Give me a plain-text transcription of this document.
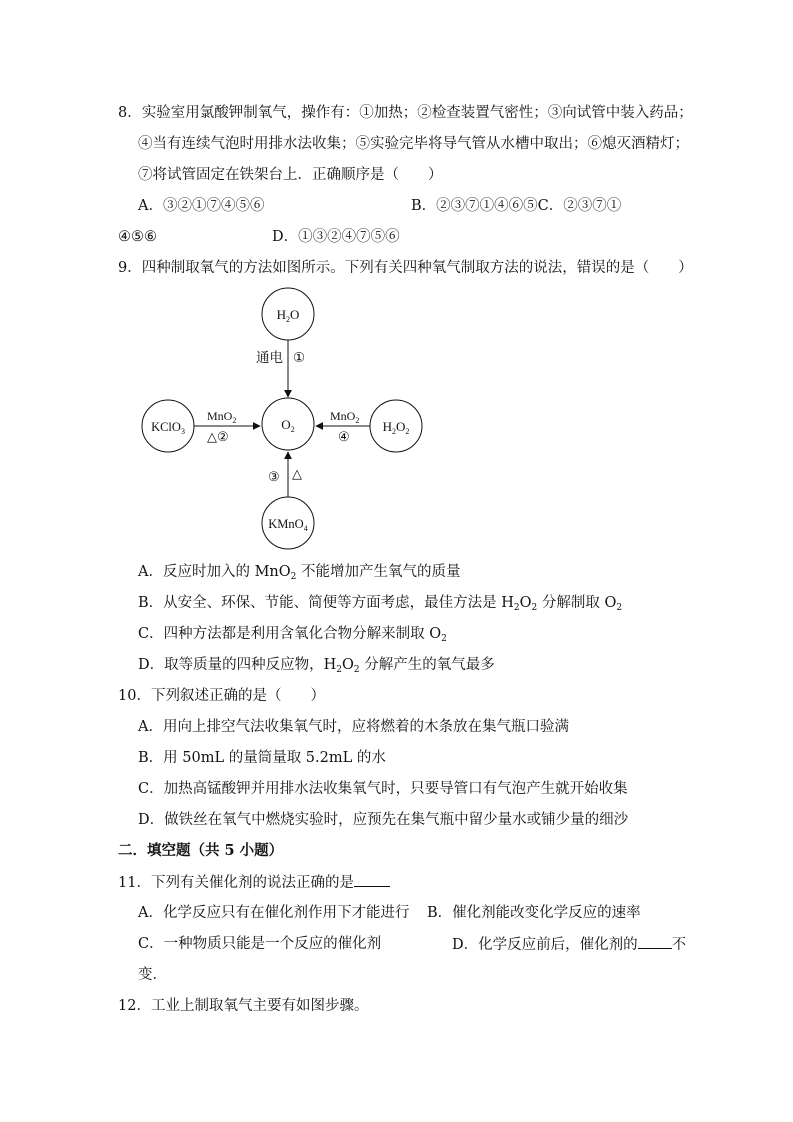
8．实验室用氯酸钾制氧气，操作有：①加热；②检查装置气密性；③向试管中装入药品；
④当有连续气泡时用排水法收集；⑤实验完毕将导气管从水槽中取出；⑥熄灭酒精灯；
⑦将试管固定在铁架台上．正确顺序是（　　）
A．③②①⑦④⑤⑥	B．②③⑦①④⑥⑤C．②③⑦①
④⑤⑥	D．①③②④⑦⑤⑥
9．四种制取氧气的方法如图所示。下列有关四种氧气制取方法的说法，错误的是（　　）
$H_2O$
$O_2$
KClO$_3$	$H_2O_2$
KMnO$_4$
通电 ①
MnO$_2$
△②
MnO$_2$
④
③ △
A．反应时加入的 MnO$_2$ 不能增加产生氧气的质量
B．从安全、环保、节能、简便等方面考虑，最佳方法是 $H_2O_2$ 分解制取 $O_2$
C．四种方法都是利用含氧化合物分解来制取 $O_2$
D．取等质量的四种反应物，$H_2O_2$ 分解产生的氧气最多
10．下列叙述正确的是（　　）
A．用向上排空气法收集氧气时，应将燃着的木条放在集气瓶口验满
B．用 50mL 的量筒量取 5.2mL 的水
C．加热高锰酸钾并用排水法收集氧气时，只要导管口有气泡产生就开始收集
D．做铁丝在氧气中燃烧实验时，应预先在集气瓶中留少量水或铺少量的细沙
二．填空题（共 5 小题）
11．下列有关催化剂的说法正确的是
A．化学反应只有在催化剂作用下才能进行 B．催化剂能改变化学反应的速率
C．一种物质只能是一个反应的催化剂	D．化学反应前后，催化剂的 不
变．
12．工业上制取氧气主要有如图步骤。
